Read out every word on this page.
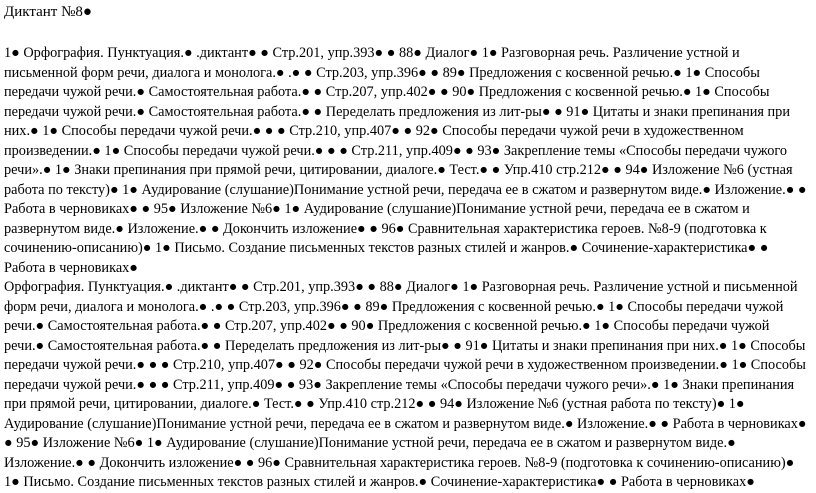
Диктант №8●

1● Орфография. Пунктуация.● .диктант● ● Стр.201, упр.393● ● 88● Диалог● 1● Разговорная речь. Различение устной и письменной форм речи, диалога и монолога.● .● ● Стр.203, упр.396● ● 89● Предложения с косвенной речью.● 1● Способы передачи чужой речи.● Самостоятельная работа.● ● Стр.207, упр.402● ● 90● Предложения с косвенной речью.● 1● Способы передачи чужой речи.● Самостоятельная работа.● ● Переделать предложения из лит-ры● ● 91● Цитаты и знаки препинания при них.● 1● Способы передачи чужой речи.● ● ● Стр.210, упр.407● ● 92● Способы передачи чужой речи в художественном произведении.● 1● Способы передачи чужой речи.● ● ● Стр.211, упр.409● ● 93● Закрепление темы «Способы передачи чужого речи».● 1● Знаки препинания при прямой речи, цитировании, диалоге.● Тест.● ● Упр.410 стр.212● ● 94● Изложение №6 (устная работа по тексту)● 1● Аудирование (слушание)Понимание устной речи, передача ее в сжатом и развернутом виде.● Изложение.● ● Работа в черновиках● ● 95● Изложение №6● 1● Аудирование (слушание)Понимание устной речи, передача ее в сжатом и развернутом виде.● Изложение.● ● Докончить изложение● ● 96● Сравнительная характеристика героев. №8-9 (подготовка к сочинению-описанию)● 1● Письмо. Создание письменных текстов разных стилей и жанров.● Сочинение-характеристика● ● Работа в черновиках●

Орфография. Пунктуация.● .диктант● ● Стр.201, упр.393● ● 88● Диалог● 1● Разговорная речь. Различение устной и письменной форм речи, диалога и монолога.● .● ● Стр.203, упр.396● ● 89● Предложения с косвенной речью.● 1● Способы передачи чужой речи.● Самостоятельная работа.● ● Стр.207, упр.402● ● 90● Предложения с косвенной речью.● 1● Способы передачи чужой речи.● Самостоятельная работа.● ● Переделать предложения из лит-ры● ● 91● Цитаты и знаки препинания при них.● 1● Способы передачи чужой речи.● ● ● Стр.210, упр.407● ● 92● Способы передачи чужой речи в художественном произведении.● 1● Способы передачи чужой речи.● ● ● Стр.211, упр.409● ● 93● Закрепление темы «Способы передачи чужого речи».● 1● Знаки препинания при прямой речи, цитировании, диалоге.● Тест.● ● Упр.410 стр.212● ● 94● Изложение №6 (устная работа по тексту)● 1● Аудирование (слушание)Понимание устной речи, передача ее в сжатом и развернутом виде.● Изложение.● ● Работа в черновиках● ● 95● Изложение №6● 1● Аудирование (слушание)Понимание устной речи, передача ее в сжатом и развернутом виде.● Изложение.● ● Докончить изложение● ● 96● Сравнительная характеристика героев. №8-9 (подготовка к сочинению-описанию)● 1● Письмо. Создание письменных текстов разных стилей и жанров.● Сочинение-характеристика● ● Работа в черновиках●
